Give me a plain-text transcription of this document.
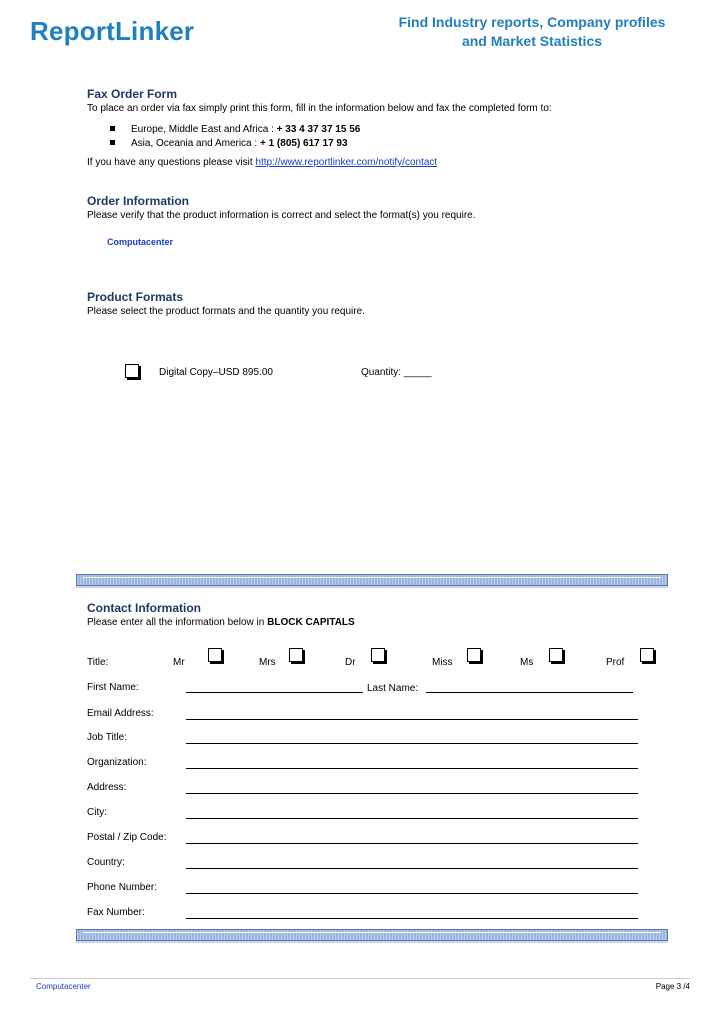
ReportLinker	Find Industry reports, Company profiles
and Market Statistics
Fax Order Form
To place an order via fax simply print this form, fill in the information below and fax the completed form to:
Europe, Middle East and Africa : + 33 4 37 37 15 56
Asia, Oceania and America : + 1 (805) 617 17 93
If you have any questions please visit http://www.reportlinker.com/notify/contact
Order Information
Please verify that the product information is correct and select the format(s) you require.
Computacenter
Product Formats
Please select the product formats and the quantity you require.
Digital Copy–USD 895.00	Quantity: _____
Contact Information
Please enter all the information below in BLOCK CAPITALS
Title:	Mr	Mrs	Dr	Miss	Ms	Prof
First Name:	Last Name:
Email Address:
Job Title:
Organization:
Address:
City:
Postal / Zip Code:
Country:
Phone Number:
Fax Number:
Computacenter	Page 3 /4
